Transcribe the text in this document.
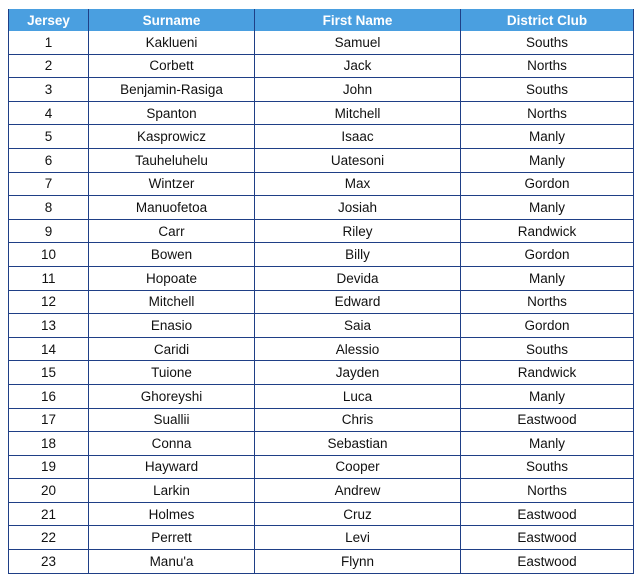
Jersey	Surname	First Name	District Club
1	Kaklueni	Samuel	Souths
2	Corbett	Jack	Norths
3	Benjamin-Rasiga	John	Souths
4	Spanton	Mitchell	Norths
5	Kasprowicz	Isaac	Manly
6	Tauheluhelu	Uatesoni	Manly
7	Wintzer	Max	Gordon
8	Manuofetoa	Josiah	Manly
9	Carr	Riley	Randwick
10	Bowen	Billy	Gordon
11	Hopoate	Devida	Manly
12	Mitchell	Edward	Norths
13	Enasio	Saia	Gordon
14	Caridi	Alessio	Souths
15	Tuione	Jayden	Randwick
16	Ghoreyshi	Luca	Manly
17	Suallii	Chris	Eastwood
18	Conna	Sebastian	Manly
19	Hayward	Cooper	Souths
20	Larkin	Andrew	Norths
21	Holmes	Cruz	Eastwood
22	Perrett	Levi	Eastwood
23	Manu'a	Flynn	Eastwood
